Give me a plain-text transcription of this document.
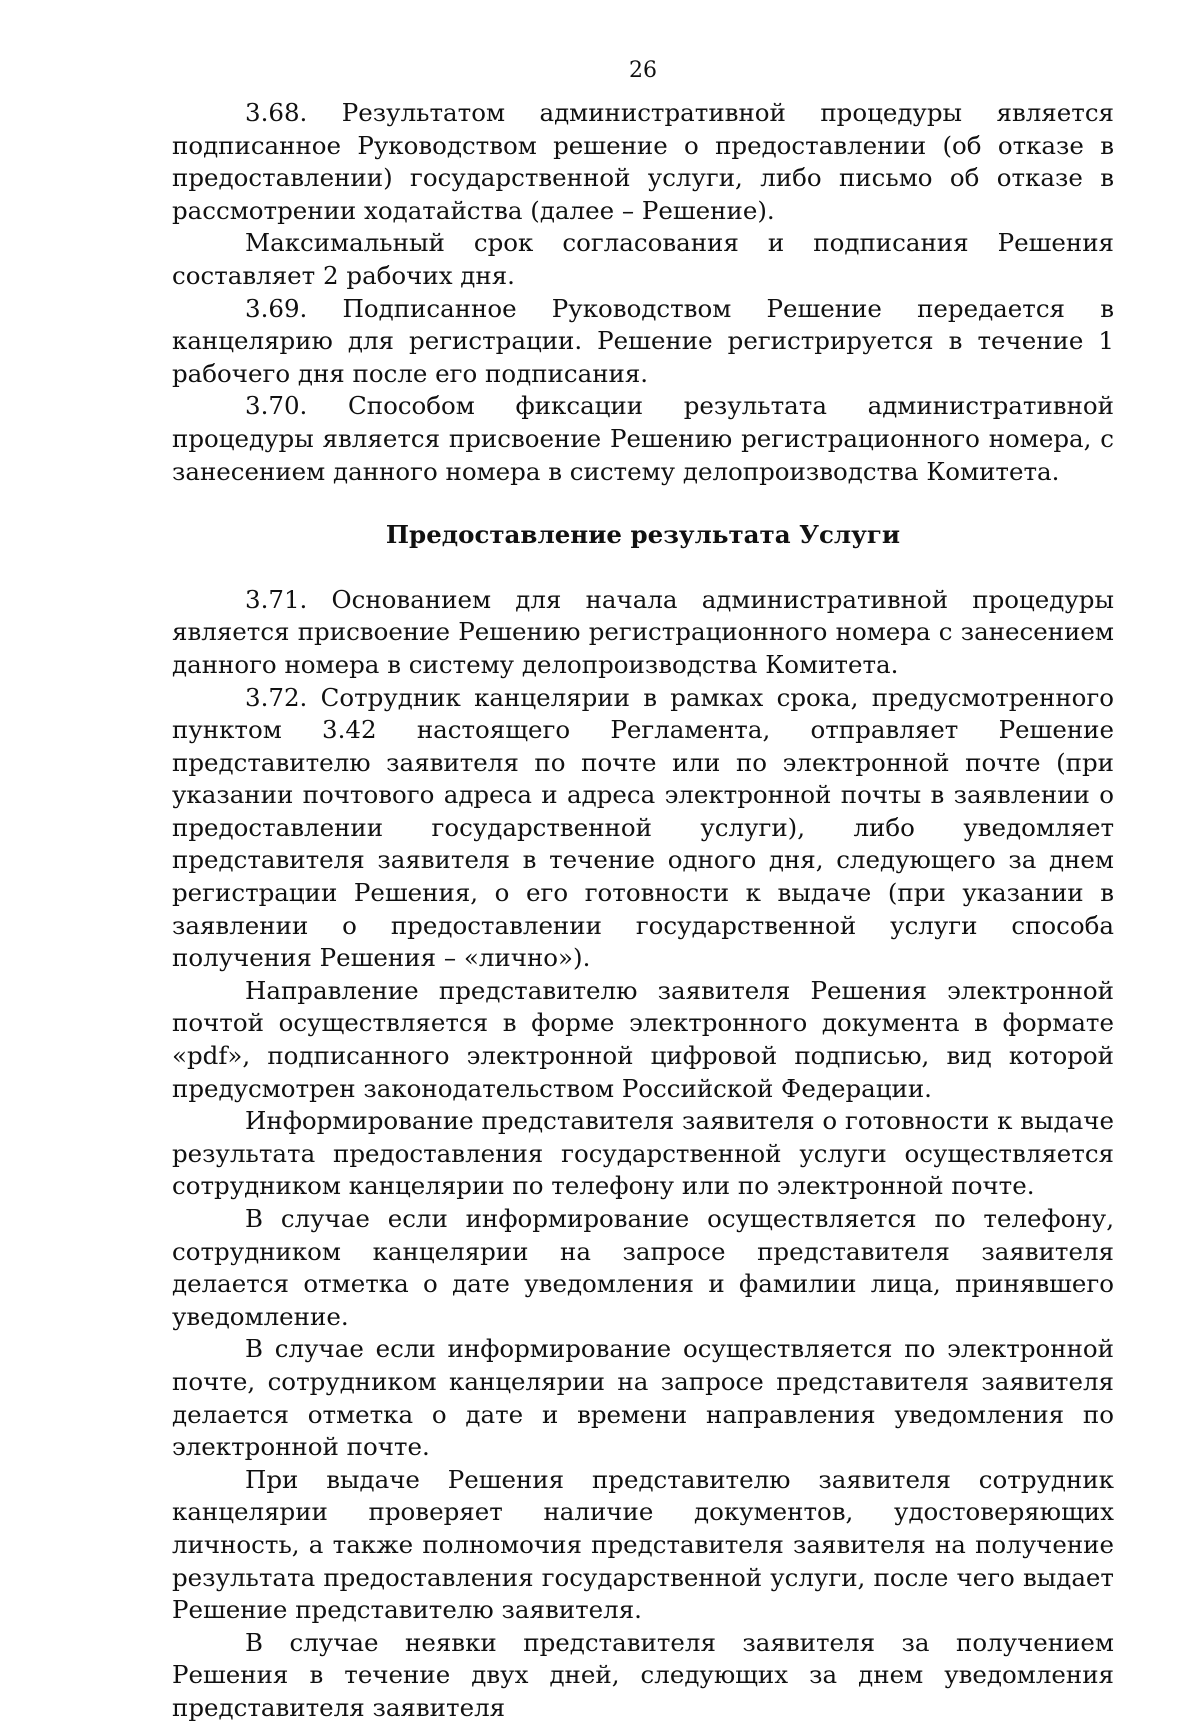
26

3.68. Результатом административной процедуры является подписанное Руководством решение о предоставлении (об отказе в предоставлении) государственной услуги, либо письмо об отказе в рассмотрении ходатайства (далее – Решение).

Максимальный срок согласования и подписания Решения составляет 2 рабочих дня.

3.69. Подписанное Руководством Решение передается в канцелярию для регистрации. Решение регистрируется в течение 1 рабочего дня после его подписания.

3.70. Способом фиксации результата административной процедуры является присвоение Решению регистрационного номера, с занесением данного номера в систему делопроизводства Комитета.

Предоставление результата Услуги

3.71. Основанием для начала административной процедуры является присвоение Решению регистрационного номера с занесением данного номера в систему делопроизводства Комитета.

3.72. Сотрудник канцелярии в рамках срока, предусмотренного пунктом 3.42 настоящего Регламента, отправляет Решение представителю заявителя по почте или по электронной почте (при указании почтового адреса и адреса электронной почты в заявлении о предоставлении государственной услуги), либо уведомляет представителя заявителя в течение одного дня, следующего за днем регистрации Решения, о его готовности к выдаче (при указании в заявлении о предоставлении государственной услуги способа получения Решения – «лично»).

Направление представителю заявителя Решения электронной почтой осуществляется в форме электронного документа в формате «pdf», подписанного электронной цифровой подписью, вид которой предусмотрен законодательством Российской Федерации.

Информирование представителя заявителя о готовности к выдаче результата предоставления государственной услуги осуществляется сотрудником канцелярии по телефону или по электронной почте.

В случае если информирование осуществляется по телефону, сотрудником канцелярии на запросе представителя заявителя делается отметка о дате уведомления и фамилии лица, принявшего уведомление.

В случае если информирование осуществляется по электронной почте, сотрудником канцелярии на запросе представителя заявителя делается отметка о дате и времени направления уведомления по электронной почте.

При выдаче Решения представителю заявителя сотрудник канцелярии проверяет наличие документов, удостоверяющих личность, а также полномочия представителя заявителя на получение результата предоставления государственной услуги, после чего выдает Решение представителю заявителя.

В случае неявки представителя заявителя за получением Решения в течение двух дней, следующих за днем уведомления представителя заявителя
